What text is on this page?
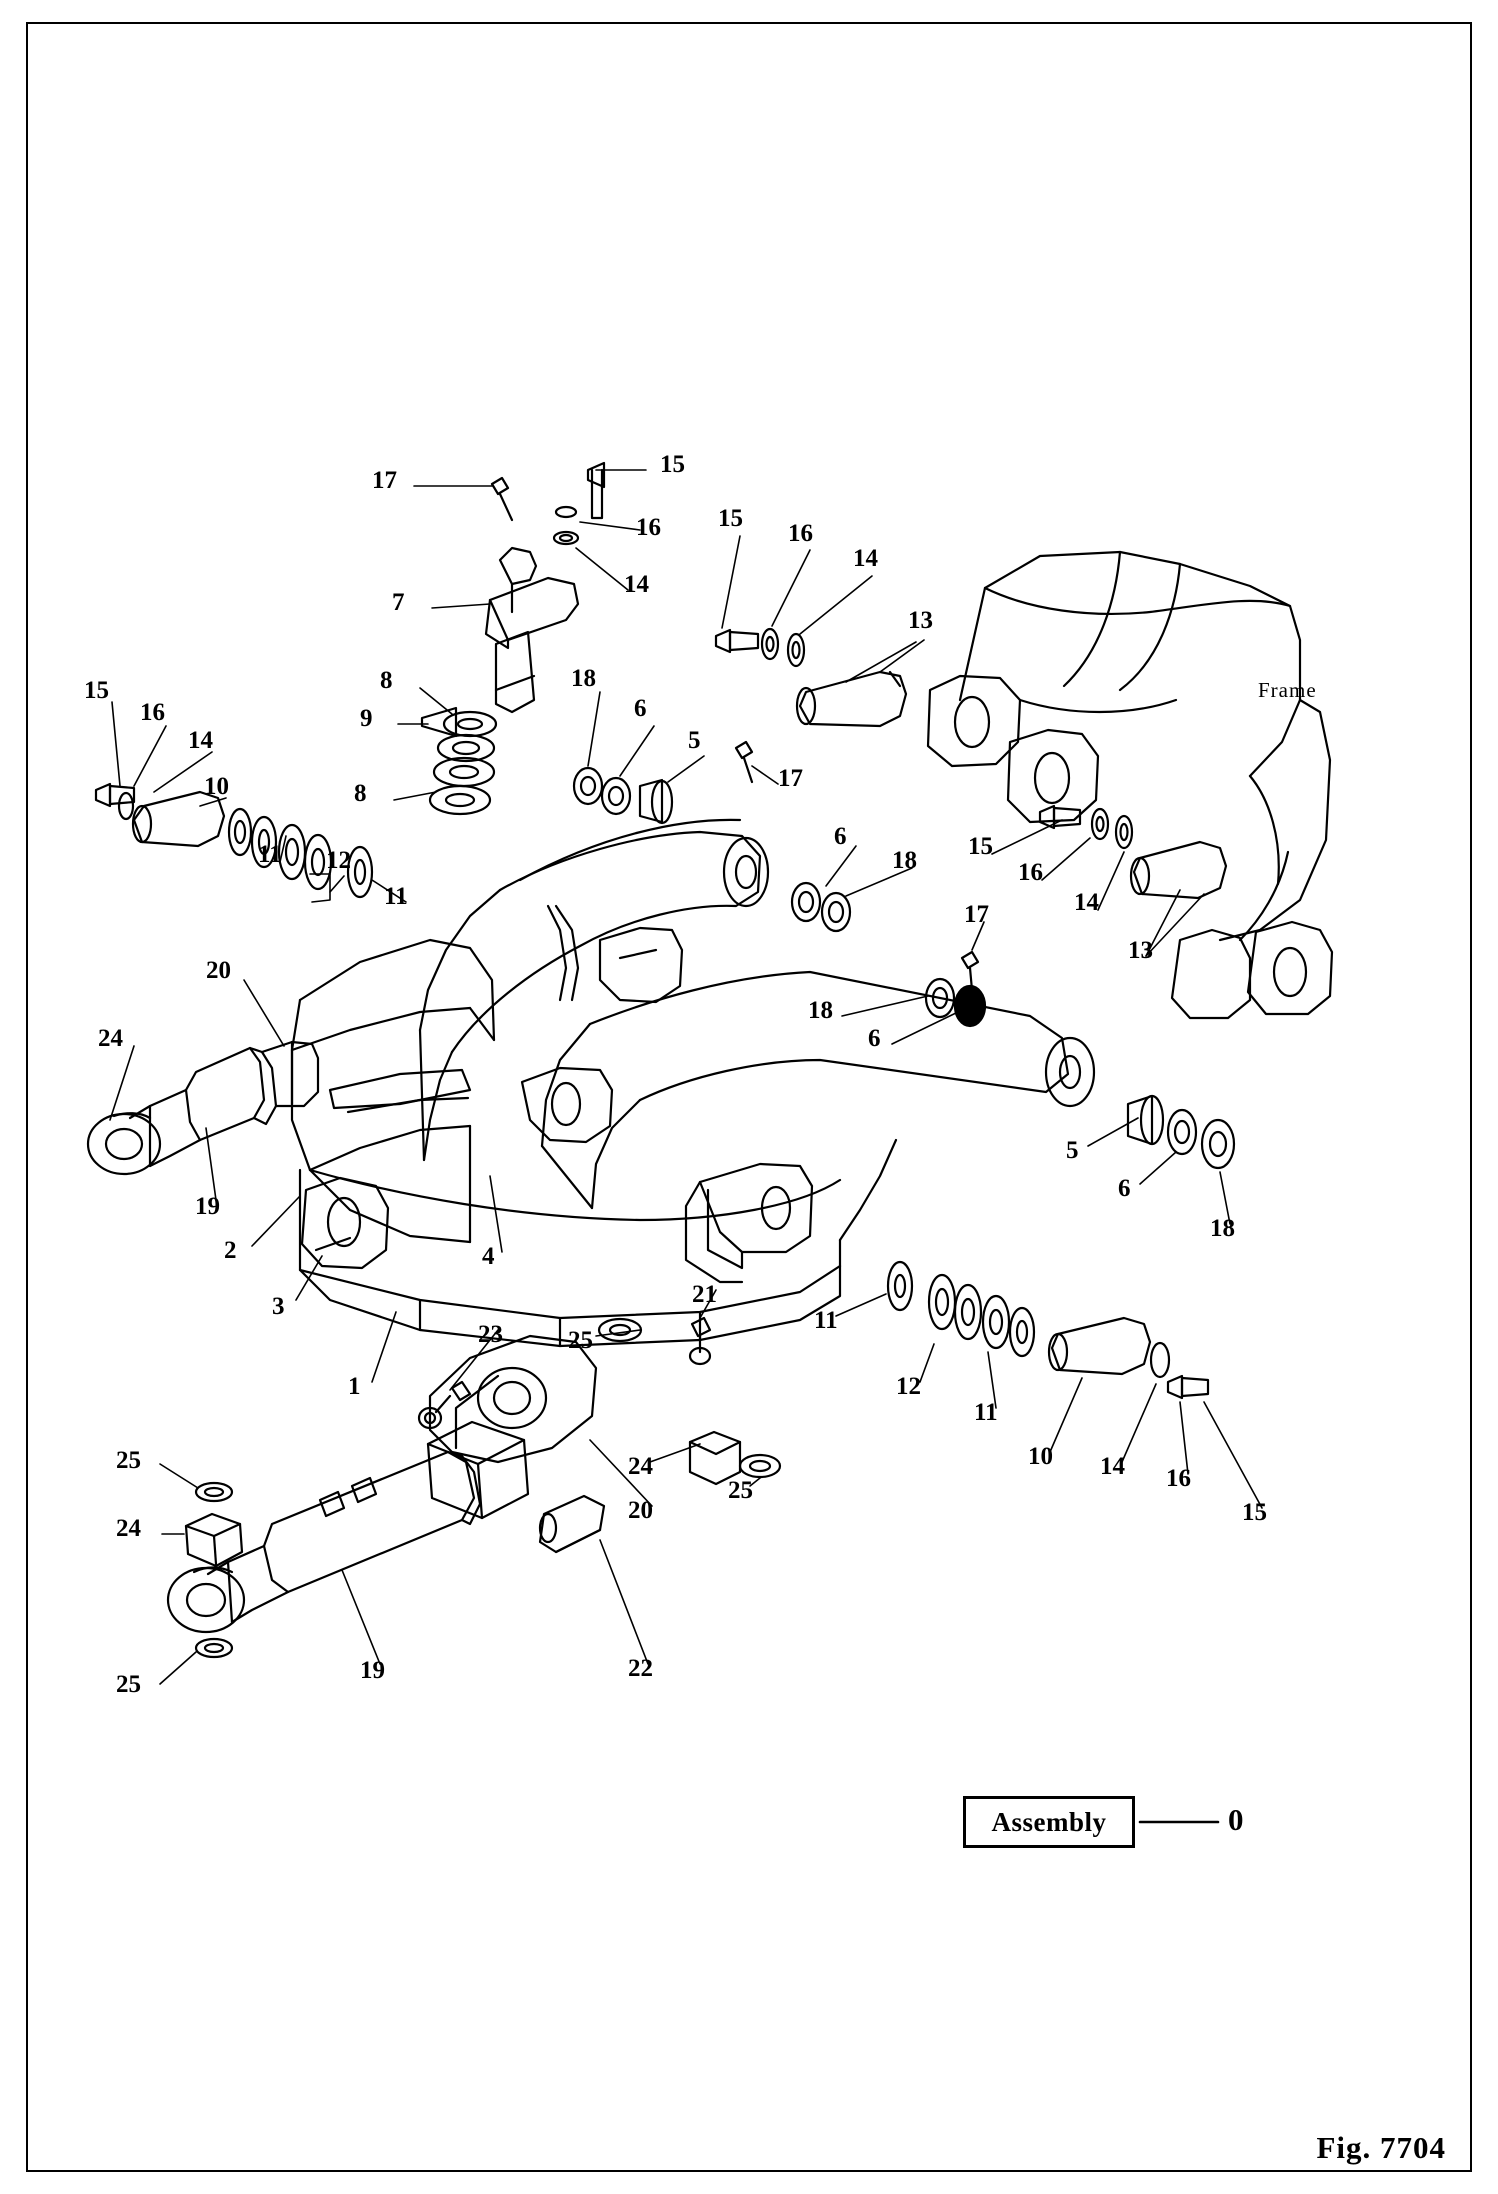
17
15
16
14
7
8
9
8
15
16
14
13
18
6
5
17
15
16
14
10
11 12
11
15
16
14
13
6
18
17
18
6
20
24
19
2
3
1
4
23	25
21
11
12
11
10 14 16
15
5
6
18
24
25
20
22
25
24
25
19
Frame
Assembly	0
Fig. 7704
